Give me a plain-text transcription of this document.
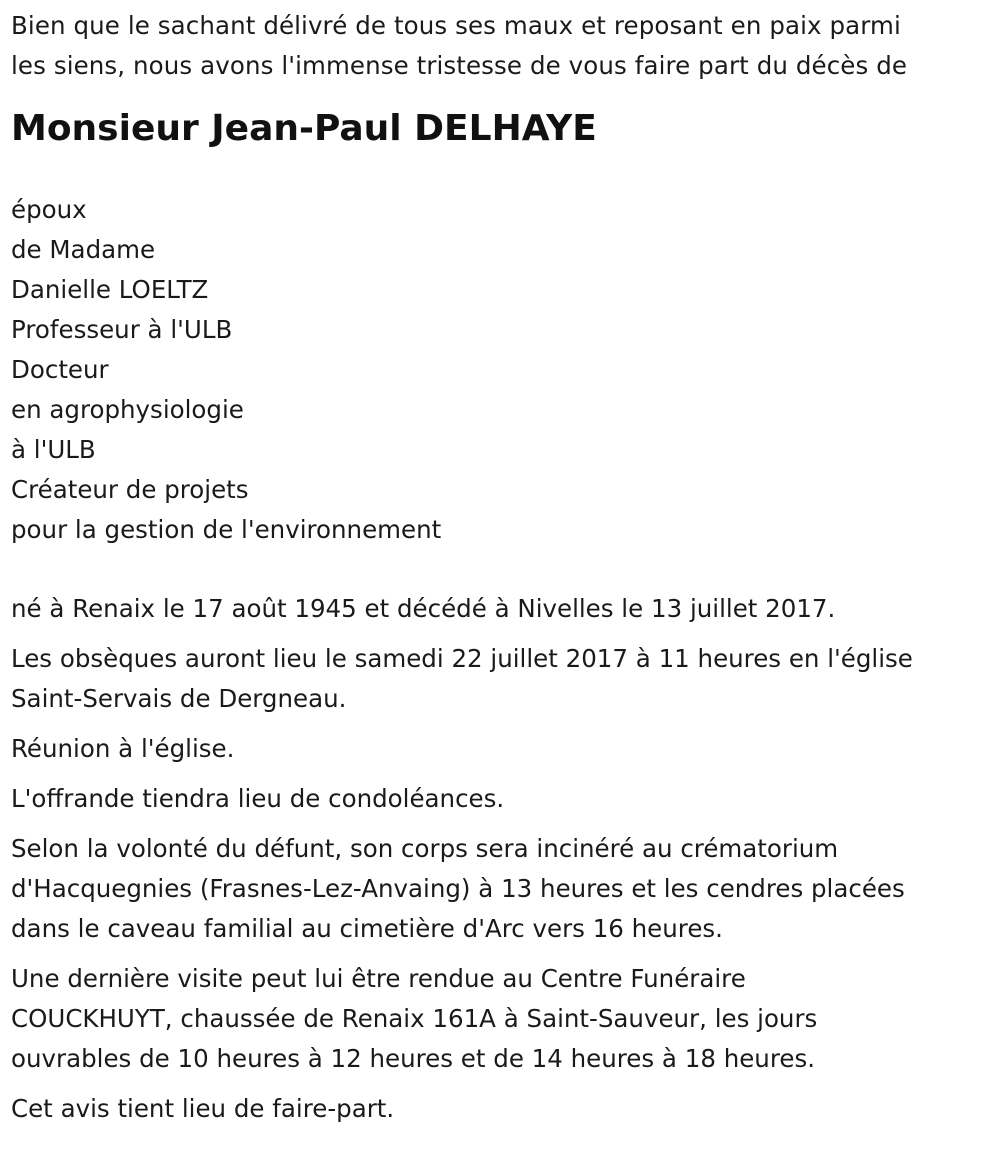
Bien que le sachant délivré de tous ses maux et reposant en paix parmi
les siens, nous avons l'immense tristesse de vous faire part du décès de

Monsieur Jean-Paul DELHAYE
époux
de Madame
Danielle LOELTZ
Professeur à l'ULB
Docteur
en agrophysiologie
à l'ULB
Créateur de projets
pour la gestion de l'environnement

né à Renaix le 17 août 1945 et décédé à Nivelles le 13 juillet 2017.

Les obsèques auront lieu le samedi 22 juillet 2017 à 11 heures en l'église
Saint-Servais de Dergneau.

Réunion à l'église.

L'offrande tiendra lieu de condoléances.

Selon la volonté du défunt, son corps sera incinéré au crématorium
d'Hacquegnies (Frasnes-Lez-Anvaing) à 13 heures et les cendres placées
dans le caveau familial au cimetière d'Arc vers 16 heures.

Une dernière visite peut lui être rendue au Centre Funéraire
COUCKHUYT, chaussée de Renaix 161A à Saint-Sauveur, les jours
ouvrables de 10 heures à 12 heures et de 14 heures à 18 heures.

Cet avis tient lieu de faire-part.
